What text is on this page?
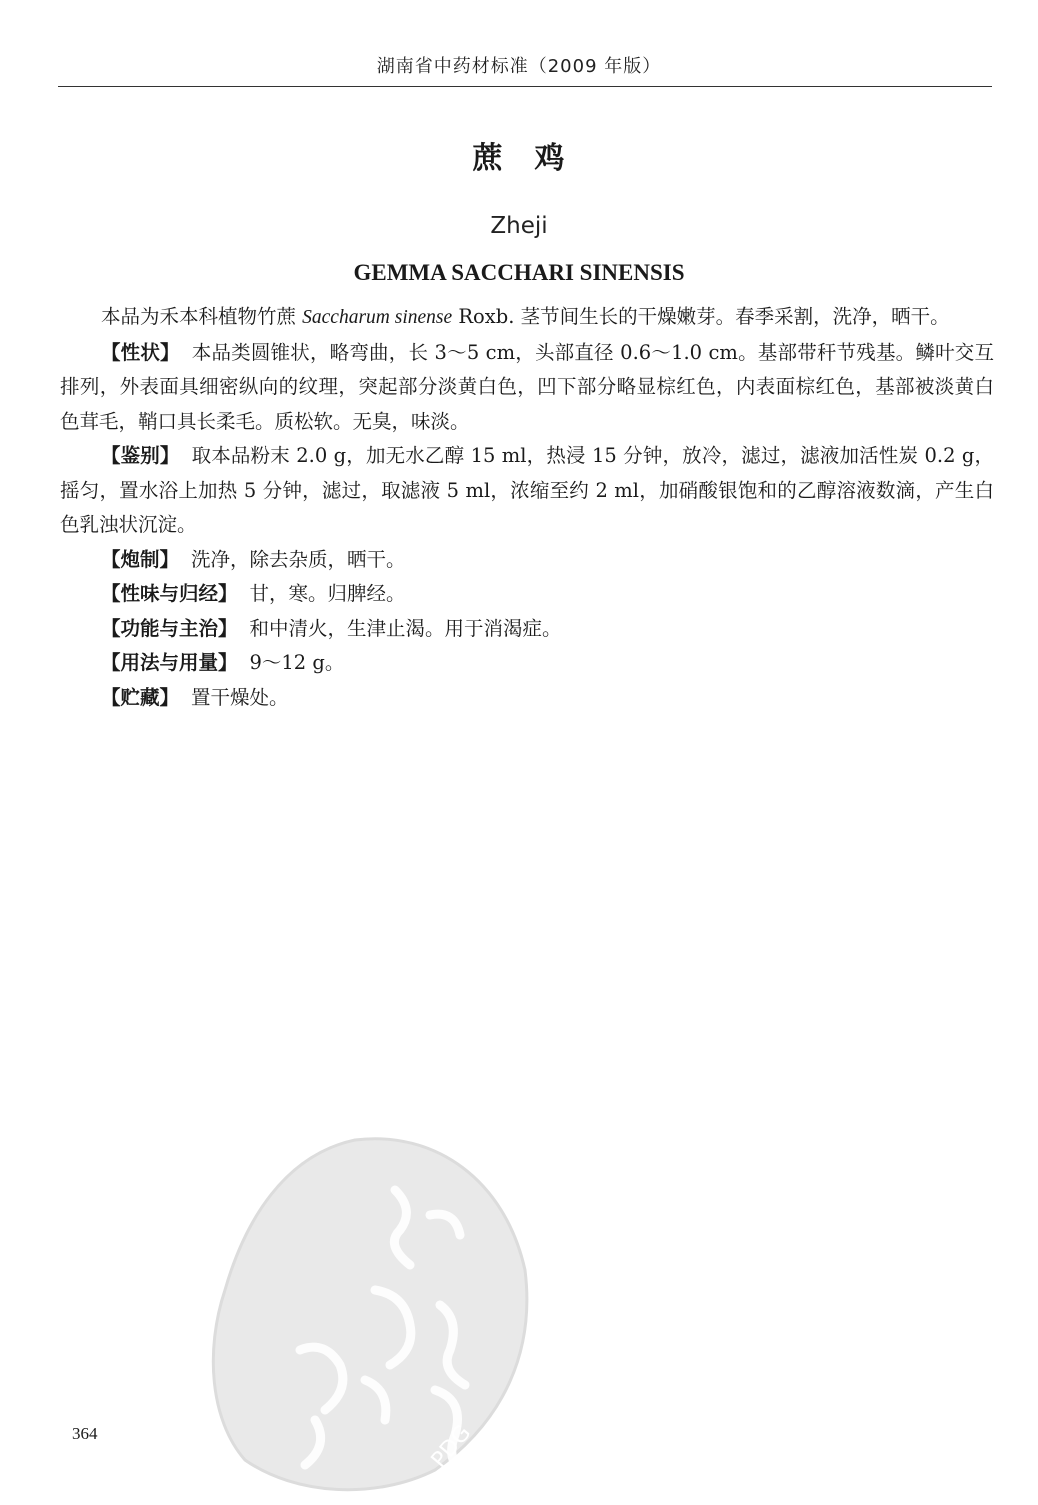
湖南省中药材标准（2009 年版）
蔗　鸡
Zheji
GEMMA SACCHARI SINENSIS

本品为禾本科植物竹蔗 Saccharum sinense Roxb. 茎节间生长的干燥嫩芽。春季采割，洗净，晒干。

【性状】 本品类圆锥状，略弯曲，长 3～5 cm，头部直径 0.6～1.0 cm。基部带秆节残基。鳞叶交互排列，外表面具细密纵向的纹理，突起部分淡黄白色，凹下部分略显棕红色，内表面棕红色，基部被淡黄白色茸毛，鞘口具长柔毛。质松软。无臭，味淡。

【鉴别】 取本品粉末 2.0 g，加无水乙醇 15 ml，热浸 15 分钟，放冷，滤过，滤液加活性炭 0.2 g，摇匀，置水浴上加热 5 分钟，滤过，取滤液 5 ml，浓缩至约 2 ml，加硝酸银饱和的乙醇溶液数滴，产生白色乳浊状沉淀。

【炮制】 洗净，除去杂质，晒干。

【性味与归经】 甘，寒。归脾经。

【功能与主治】 和中清火，生津止渴。用于消渴症。

【用法与用量】 9～12 g。

【贮藏】 置干燥处。

PDG
364
